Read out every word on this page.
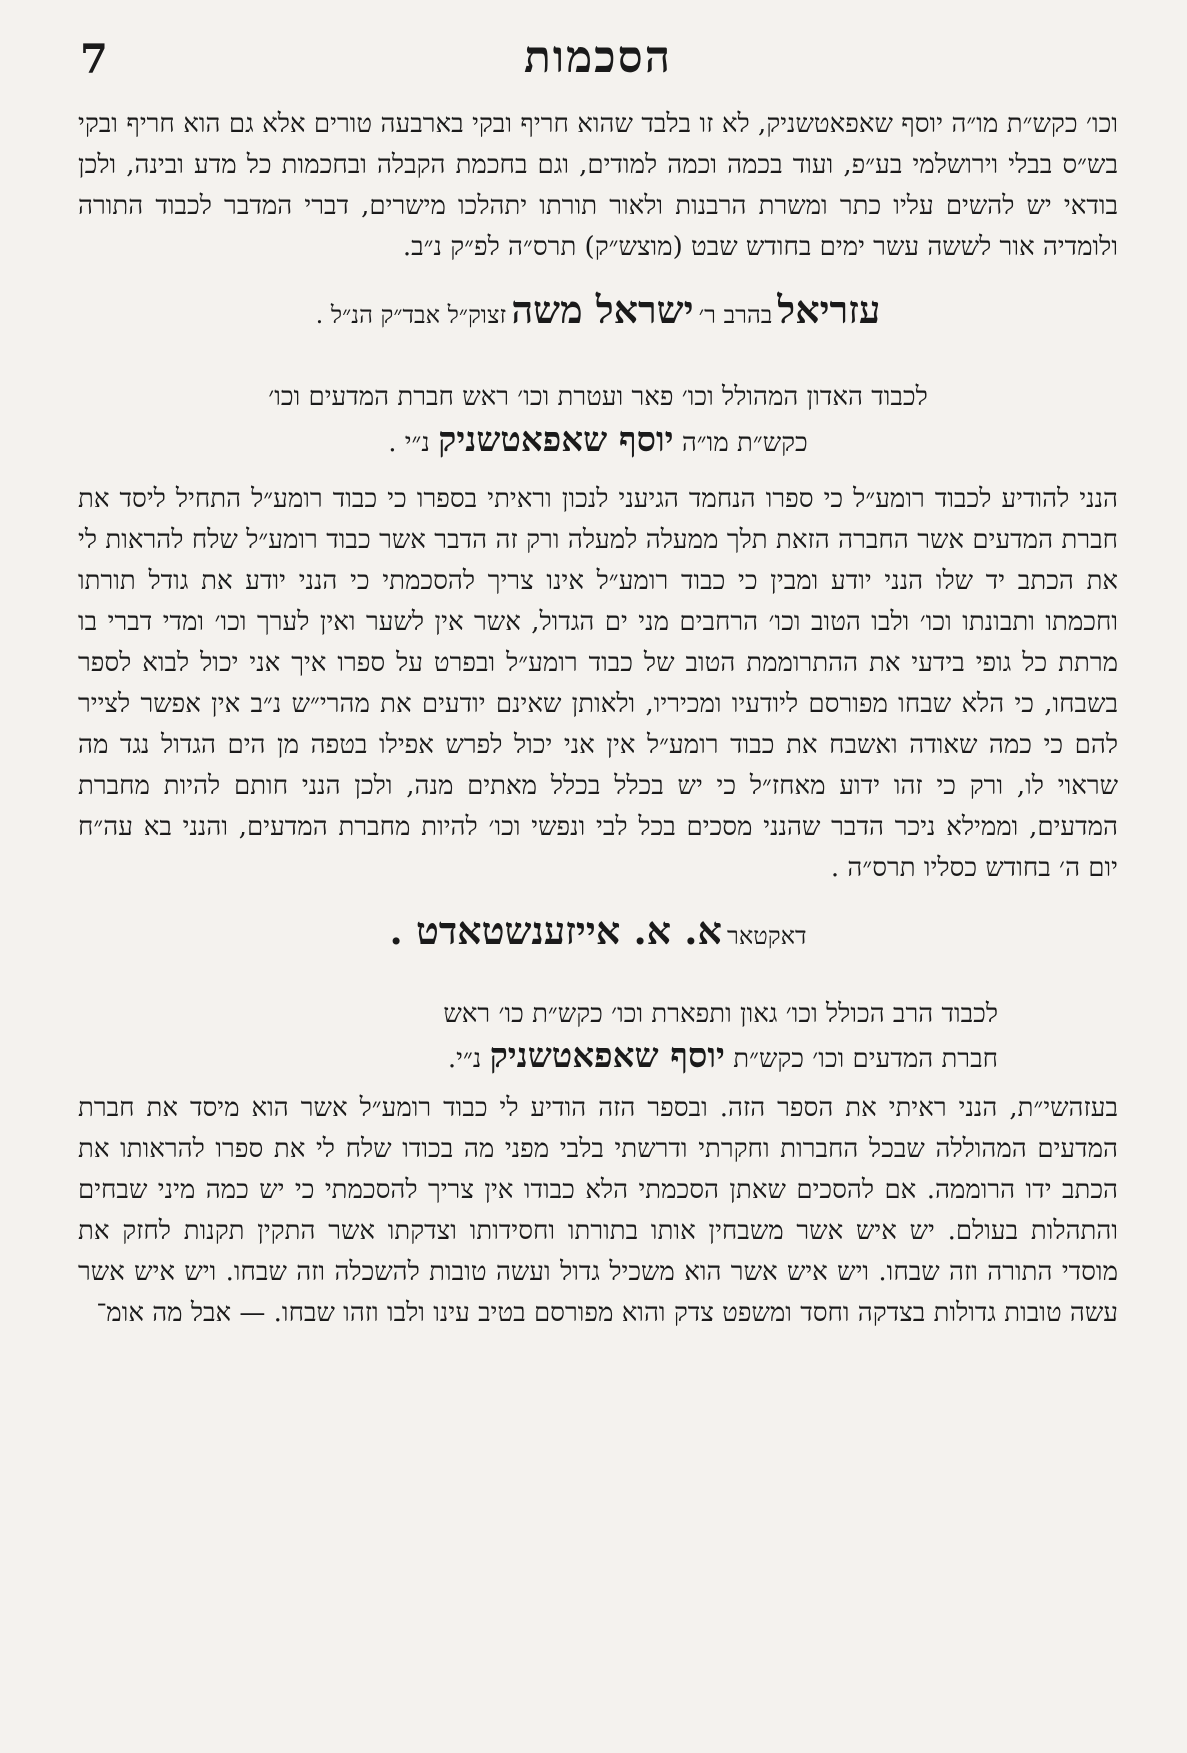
הסכמות
7

וכו׳ כקש״ת מו״ה יוסף שאפאטשניק, לא זו בלבד שהוא חריף ובקי בארבעה טורים אלא גם הוא חריף ובקי בש״ס בבלי וירושלמי בע״פ, ועוד בכמה וכמה למודים, וגם בחכמת הקבלה ובחכמות כל מדע ובינה, ולכן בודאי יש להשים עליו כתר ומשרת הרבנות ולאור תורתו יתהלכו מישרים, דברי המדבר לכבוד התורה ולומדיה אור לששה עשר ימים בחודש שבט (מוצש״ק) תרס״ה לפ״ק נ״ב.

עזריאל בהרב ר׳ ישראל משה זצוק״ל אבד״ק הנ״ל .
לכבוד האדון המהולל וכו׳ פאר ועטרת וכו׳ ראש חברת המדעים וכו׳
כקש״ת מו״ה יוסף שאפאטשניק נ״י .

הנני להודיע לכבוד רומע״ל כי ספרו הנחמד הגיעני לנכון וראיתי בספרו כי כבוד רומע״ל התחיל ליסד את חברת המדעים אשר החברה הזאת תלך ממעלה למעלה ורק זה הדבר אשר כבוד רומע״ל שלח להראות לי את הכתב יד שלו הנני יודע ומבין כי כבוד רומע״ל אינו צריך להסכמתי כי הנני יודע את גודל תורתו וחכמתו ותבונתו וכו׳ ולבו הטוב וכו׳ הרחבים מני ים הגדול, אשר אין לשער ואין לערך וכו׳ ומדי דברי בו מרתת כל גופי בידעי את ההתרוממת הטוב של כבוד רומע״ל ובפרט על ספרו איך אני יכול לבוא לספר בשבחו, כי הלא שבחו מפורסם ליודעיו ומכיריו, ולאותן שאינם יודעים את מהרי״ש נ״ב אין אפשר לצייר להם כי כמה שאודה ואשבח את כבוד רומע״ל אין אני יכול לפרש אפילו בטפה מן הים הגדול נגד מה שראוי לו, ורק כי זהו ידוע מאחז״ל כי יש בכלל בכלל מאתים מנה, ולכן הנני חותם להיות מחברת המדעים, וממילא ניכר הדבר שהנני מסכים בכל לבי ונפשי וכו׳ להיות מחברת המדעים, והנני בא עה״ח יום ה׳ בחודש כסליו תרס״ה .

דאקטאר א. א. אייזענשטאדט .
לכבוד הרב הכולל וכו׳ גאון ותפארת וכו׳ כקש״ת כו׳ ראש
חברת המדעים וכו׳ כקש״ת יוסף שאפאטשניק נ״י.

בעזהשי״ת, הנני ראיתי את הספר הזה. ובספר הזה הודיע לי כבוד רומע״ל אשר הוא מיסד את חברת המדעים המהוללה שבכל החברות וחקרתי ודרשתי בלבי מפני מה בכודו שלח לי את ספרו להראותו את הכתב ידו הרוממה. אם להסכים שאתן הסכמתי הלא כבודו אין צריך להסכמתי כי יש כמה מיני שבחים והתהלות בעולם. יש איש אשר משבחין אותו בתורתו וחסידותו וצדקתו אשר התקין תקנות לחזק את מוסדי התורה וזה שבחו. ויש איש אשר הוא משכיל גדול ועשה טובות להשכלה וזה שבחו. ויש איש אשר עשה טובות גדולות בצדקה וחסד ומשפט צדק והוא מפורסם בטיב עינו ולבו וזהו שבחו. — אבל מה אומ־
